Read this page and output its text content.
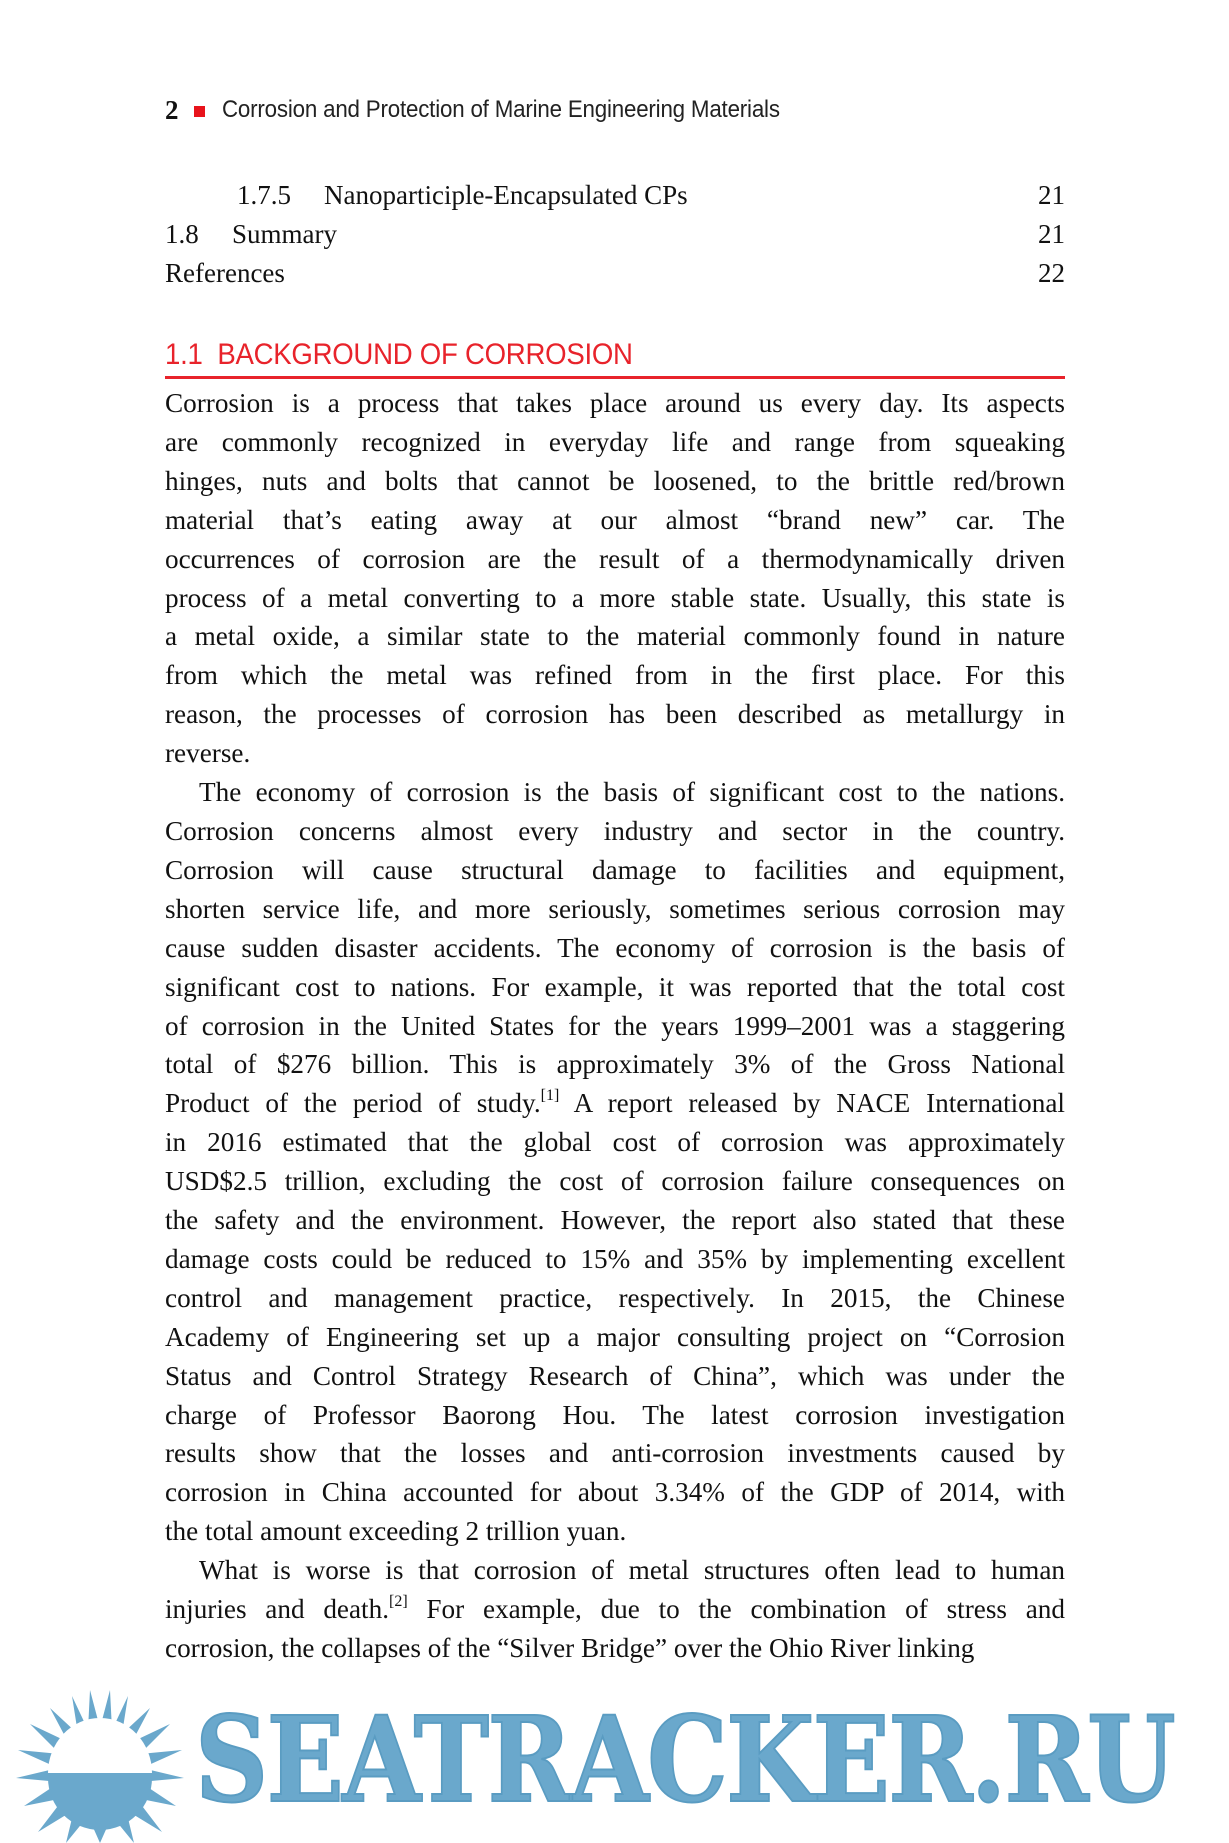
2 Corrosion and Protection of Marine Engineering Materials
1.7.5 Nanoparticiple-Encapsulated CPs	21
1.8 Summary	21
References	22
1.1 BACKGROUND OF CORROSION

Corrosion is a process that takes place around us every day. Its aspects
are commonly recognized in everyday life and range from squeaking
hinges, nuts and bolts that cannot be loosened, to the brittle red/brown
material that’s eating away at our almost “brand new” car. The
occurrences of corrosion are the result of a thermodynamically driven
process of a metal converting to a more stable state. Usually, this state is
a metal oxide, a similar state to the material commonly found in nature
from which the metal was refined from in the first place. For this
reason, the processes of corrosion has been described as metallurgy in
reverse.

The economy of corrosion is the basis of significant cost to the nations.
Corrosion concerns almost every industry and sector in the country.
Corrosion will cause structural damage to facilities and equipment,
shorten service life, and more seriously, sometimes serious corrosion may
cause sudden disaster accidents. The economy of corrosion is the basis of
significant cost to nations. For example, it was reported that the total cost
of corrosion in the United States for the years 1999–2001 was a staggering
total of $276 billion. This is approximately 3% of the Gross National
Product of the period of study.[1] A report released by NACE International
in 2016 estimated that the global cost of corrosion was approximately
USD$2.5 trillion, excluding the cost of corrosion failure consequences on
the safety and the environment. However, the report also stated that these
damage costs could be reduced to 15% and 35% by implementing excellent
control and management practice, respectively. In 2015, the Chinese
Academy of Engineering set up a major consulting project on “Corrosion
Status and Control Strategy Research of China”, which was under the
charge of Professor Baorong Hou. The latest corrosion investigation
results show that the losses and anti-corrosion investments caused by
corrosion in China accounted for about 3.34% of the GDP of 2014, with
the total amount exceeding 2 trillion yuan.

What is worse is that corrosion of metal structures often lead to human
injuries and death.[2] For example, due to the combination of stress and
corrosion, the collapses of the “Silver Bridge” over the Ohio River linking

SEATRACKER.RU
